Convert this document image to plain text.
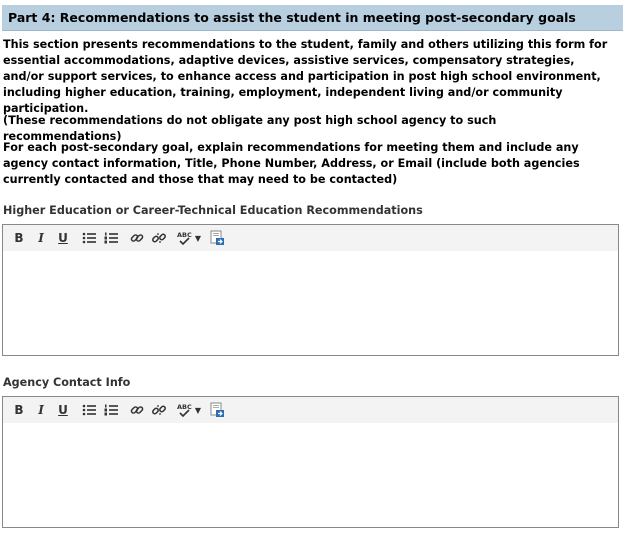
Part 4: Recommendations to assist the student in meeting post-secondary goals

This section presents recommendations to the student, family and others utilizing this form for essential accommodations, adaptive devices, assistive services, compensatory strategies, and/or support services, to enhance access and participation in post high school environment, including higher education, training, employment, independent living and/or community participation.

(These recommendations do not obligate any post high school agency to such recommendations)

For each post-secondary goal, explain recommendations for meeting them and include any agency contact information, Title, Phone Number, Address, or Email (include both agencies currently contacted and those that may need to be contacted)

Higher Education or Career-Technical Education Recommendations
B I U	ABC ▼
Agency Contact Info
B I U	ABC ▼
